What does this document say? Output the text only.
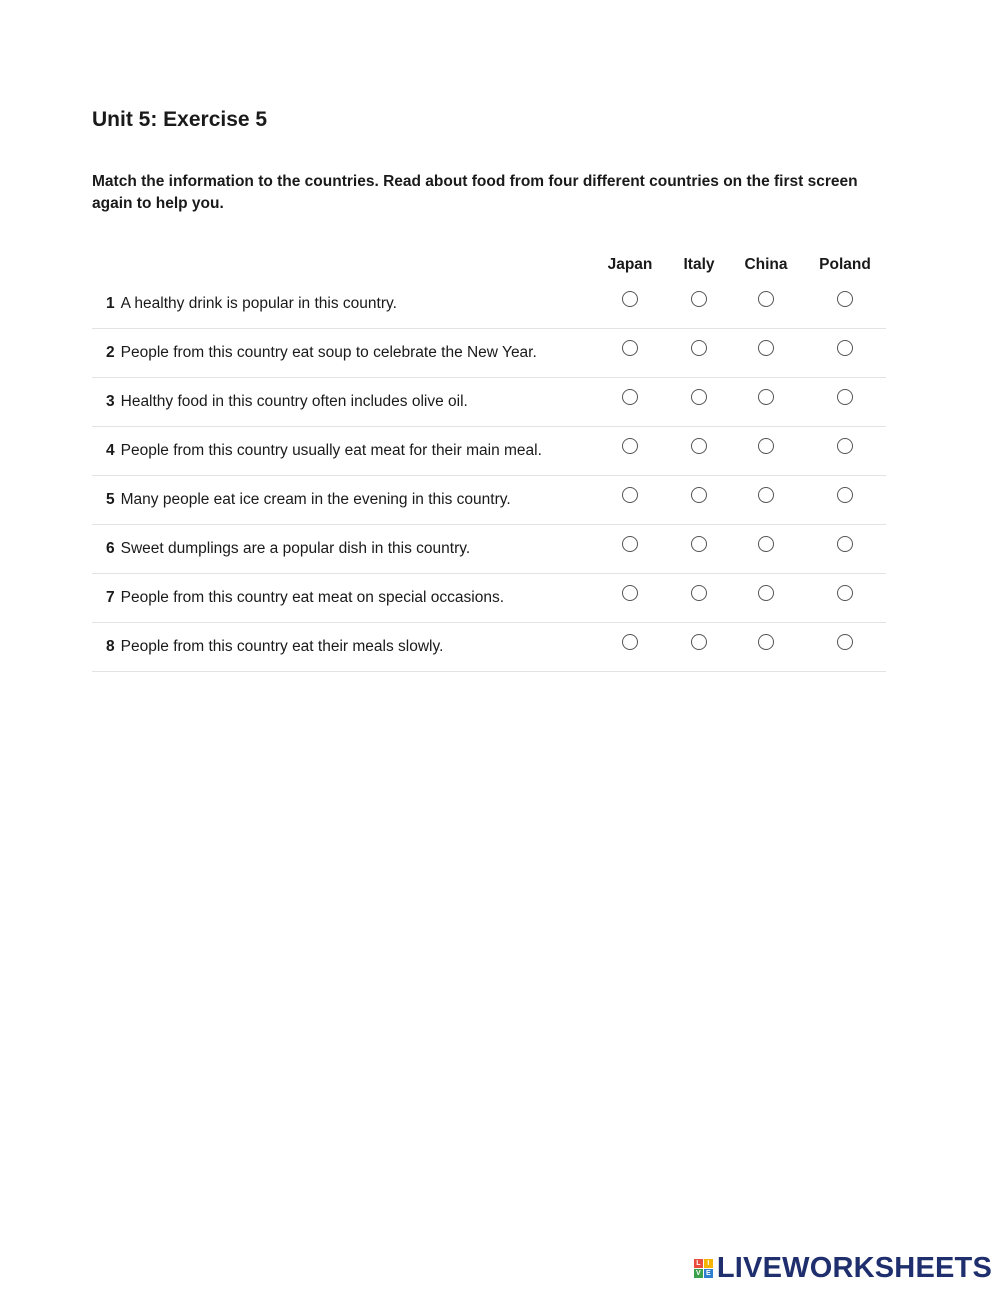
Unit 5: Exercise 5

Match the information to the countries. Read about food from four different countries on the first screen again to help you.

Japan Italy China Poland
1 A healthy drink is popular in this country.
2 People from this country eat soup to celebrate the New Year.
3 Healthy food in this country often includes olive oil.
4 People from this country usually eat meat for their main meal.
5 Many people eat ice cream in the evening in this country.
6 Sweet dumplings are a popular dish in this country.
7 People from this country eat meat on special occasions.
8 People from this country eat their meals slowly.
L I
V E LIVEWORKSHEETS
